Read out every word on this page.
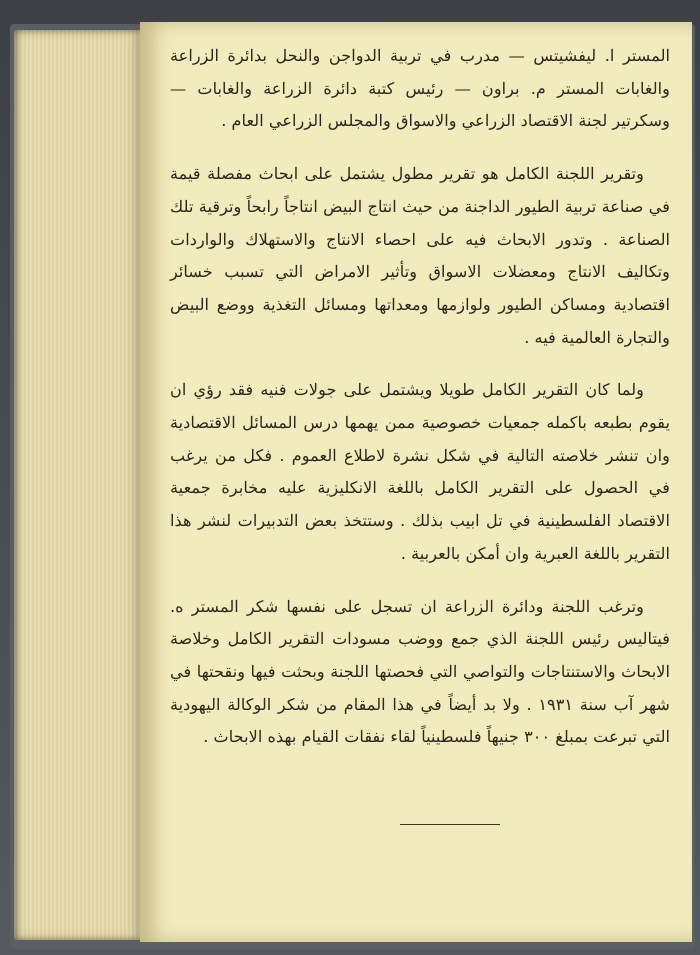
المستر ا. ليفشيتس — مدرب في تربية الدواجن والنحل بدائرة الزراعة والغابات المستر م. براون — رئيس كتبة دائرة الزراعة والغابات — وسكرتير لجنة الاقتصاد الزراعي والاسواق والمجلس الزراعي العام .

وتقرير اللجنة الكامل هو تقرير مطول يشتمل على ابحاث مفصلة قيمة في صناعة تربية الطيور الداجنة من حيث انتاج البيض انتاجاً رابحاً وترقية تلك الصناعة . وتدور الابحاث فيه على احصاء الانتاج والاستهلاك والواردات وتكاليف الانتاج ومعضلات الاسواق وتأثير الامراض التي تسبب خسائر اقتصادية ومساكن الطيور ولوازمها ومعداتها ومسائل التغذية ووضع البيض والتجارة العالمية فيه .

ولما كان التقرير الكامل طويلا ويشتمل على جولات فنيه فقد رؤي ان يقوم بطبعه باكمله جمعيات خصوصية ممن يهمها درس المسائل الاقتصادية وان تنشر خلاصته التالية في شكل نشرة لاطلاع العموم . فكل من يرغب في الحصول على التقرير الكامل باللغة الانكليزية عليه مخابرة جمعية الاقتصاد الفلسطينية في تل ابيب بذلك . وستتخذ بعض التدبيرات لنشر هذا التقرير باللغة العبرية وان أمكن بالعربية .

وترغب اللجنة ودائرة الزراعة ان تسجل على نفسها شكر المستر ه. فيتاليس رئيس اللجنة الذي جمع ووضب مسودات التقرير الكامل وخلاصة الابحاث والاستنتاجات والتواصي التي فحصتها اللجنة وبحثت فيها ونقحتها في شهر آب سنة ١٩٣١ . ولا بد أيضاً في هذا المقام من شكر الوكالة اليهودية التي تبرعت بمبلغ ٣٠٠ جنيهاً فلسطينياً لقاء نفقات القيام بهذه الابحاث .
